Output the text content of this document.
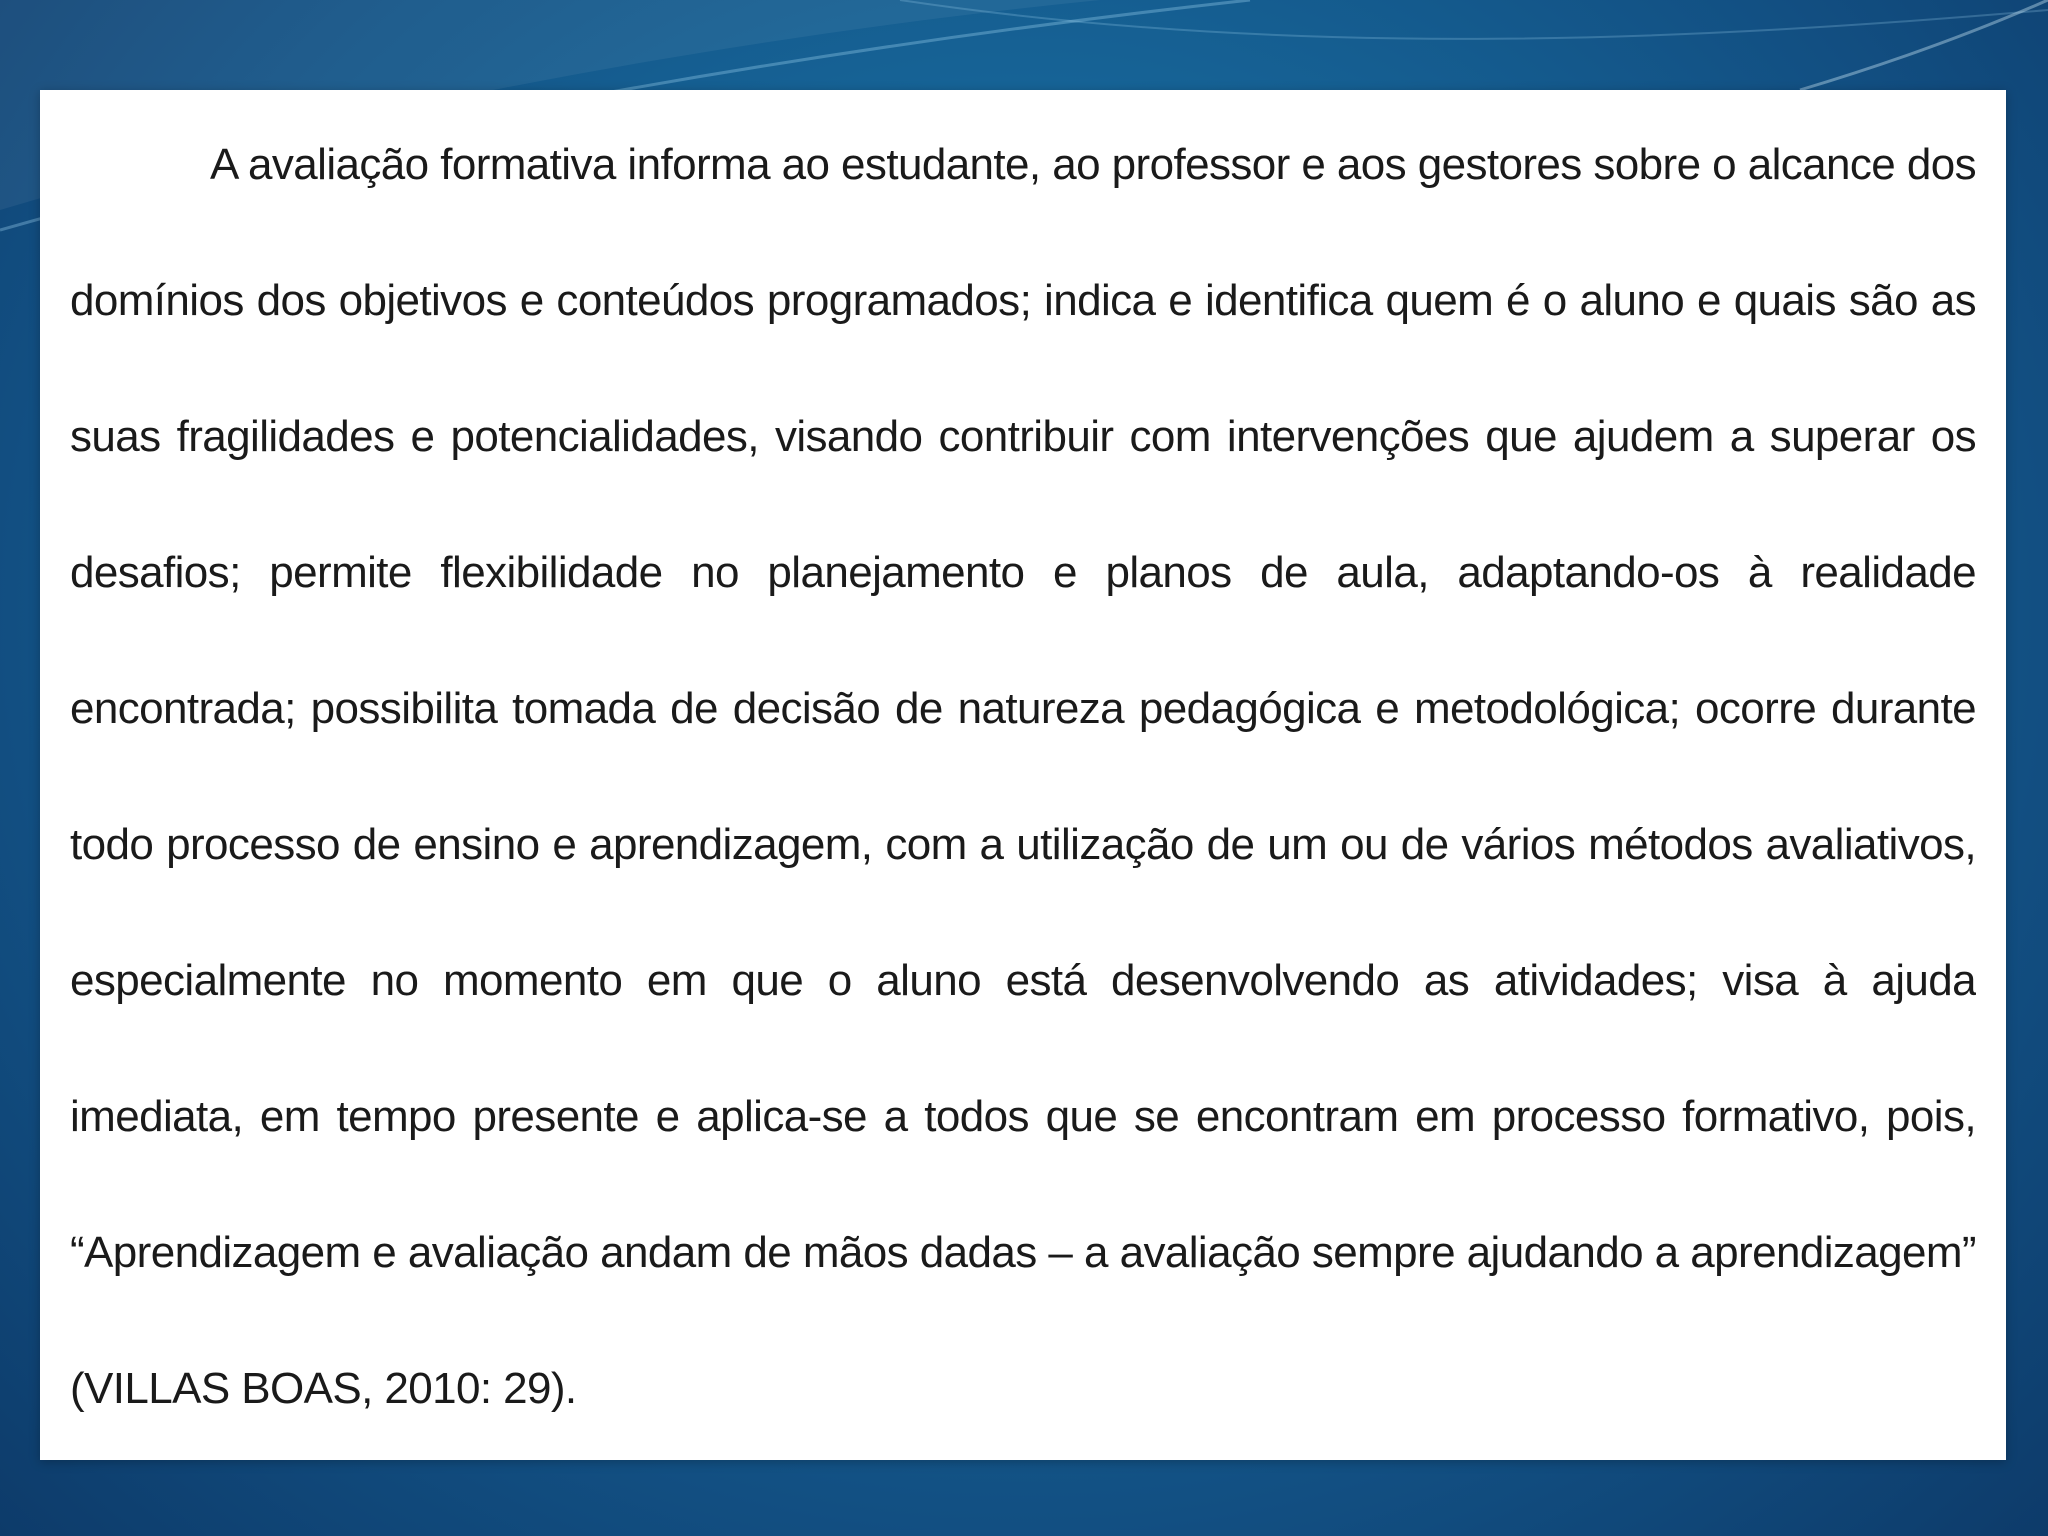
A avaliação formativa informa ao estudante, ao professor e aos gestores sobre o alcance dos
domínios dos objetivos e conteúdos programados; indica e identifica quem é o aluno e quais são as
suas fragilidades e potencialidades, visando contribuir com intervenções que ajudem a superar os
desafios; permite flexibilidade no planejamento e planos de aula, adaptando-os à realidade
encontrada; possibilita tomada de decisão de natureza pedagógica e metodológica; ocorre durante
todo processo de ensino e aprendizagem, com a utilização de um ou de vários métodos avaliativos,
especialmente no momento em que o aluno está desenvolvendo as atividades; visa à ajuda
imediata, em tempo presente e aplica-se a todos que se encontram em processo formativo, pois,
“Aprendizagem e avaliação andam de mãos dadas – a avaliação sempre ajudando a aprendizagem”
(VILLAS BOAS, 2010: 29).
